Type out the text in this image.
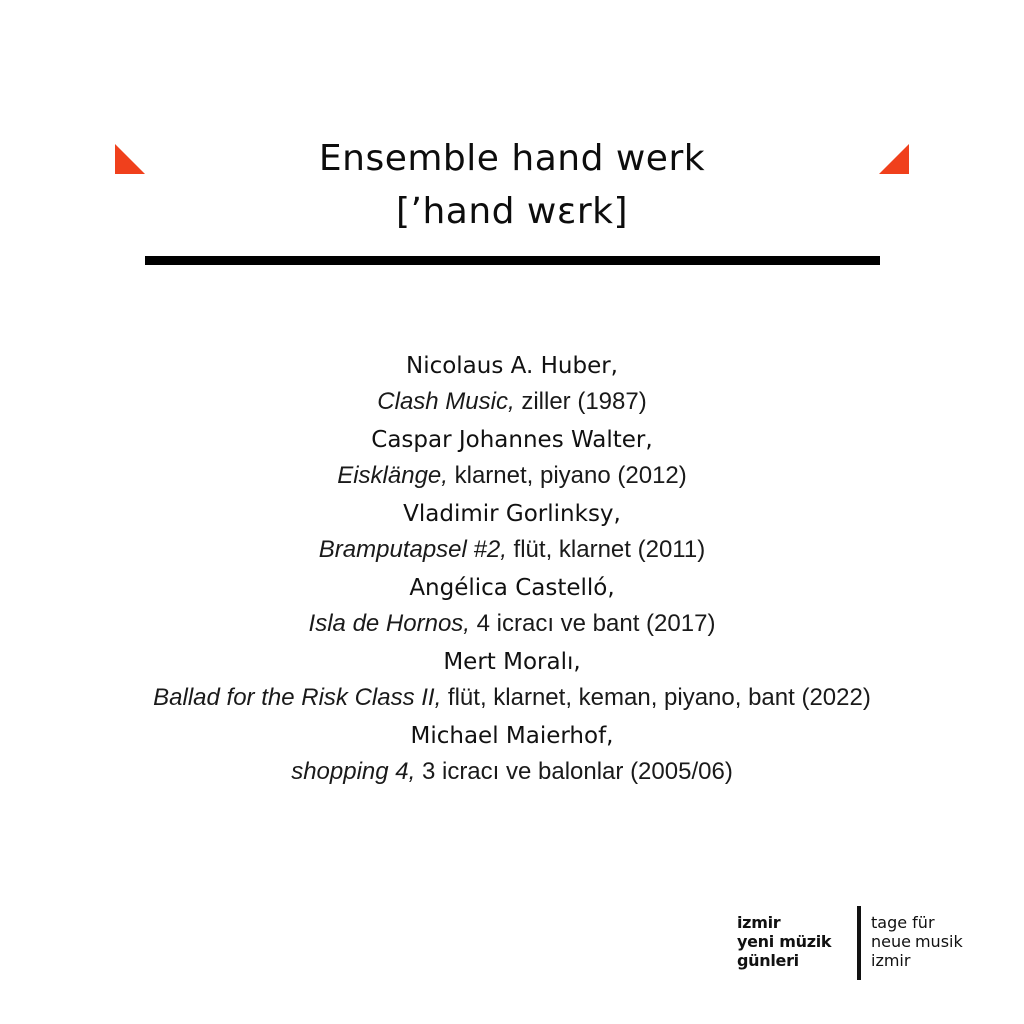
Ensemble hand werk
[’hand wɛrk]
Nicolaus A. Huber,
Clash Music, ziller (1987)
Caspar Johannes Walter,
Eisklänge, klarnet, piyano (2012)
Vladimir Gorlinksy,
Bramputapsel #2, flüt, klarnet (2011)
Angélica Castelló,
Isla de Hornos, 4 icracı ve bant (2017)
Mert Moralı,
Ballad for the Risk Class II, flüt, klarnet, keman, piyano, bant (2022)
Michael Maierhof,
shopping 4, 3 icracı ve balonlar (2005/06)
izmir
yeni müzik
günleri
tage für
neue musik
izmir
